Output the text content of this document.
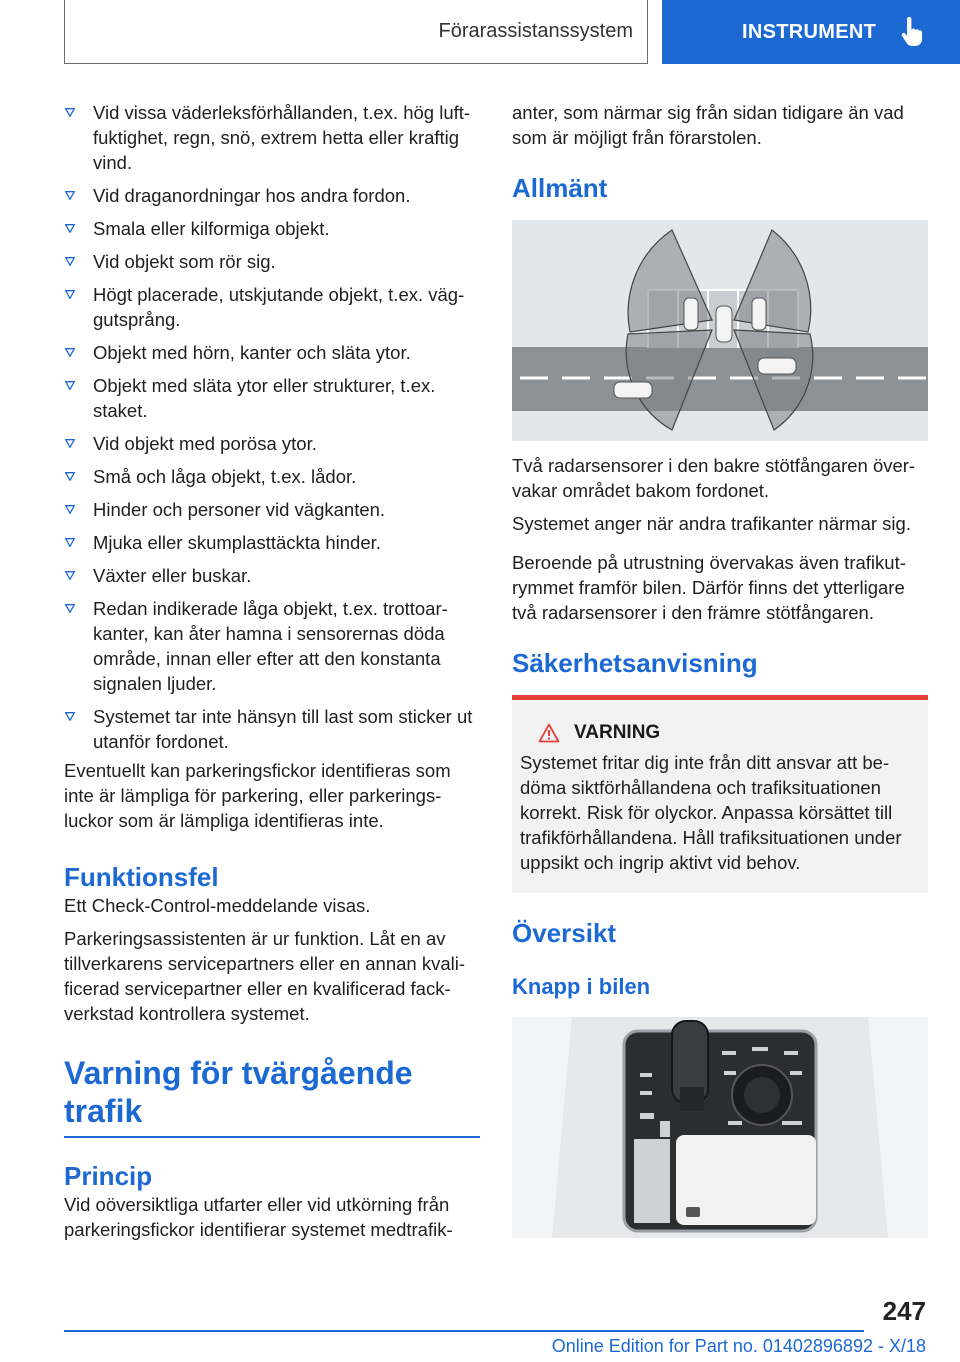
Förarassistanssystem	INSTRUMENT
Vid vissa väderleksförhållanden, t.ex. hög luft-fuktighet, regn, snö, extrem hetta eller kraftig vind.
Vid draganordningar hos andra fordon.
Smala eller kilformiga objekt.
Vid objekt som rör sig.
Högt placerade, utskjutande objekt, t.ex. väg-gutsprång.
Objekt med hörn, kanter och släta ytor.
Objekt med släta ytor eller strukturer, t.ex. staket.
Vid objekt med porösa ytor.
Små och låga objekt, t.ex. lådor.
Hinder och personer vid vägkanten.
Mjuka eller skumplasttäckta hinder.
Växter eller buskar.
Redan indikerade låga objekt, t.ex. trottoar-kanter, kan åter hamna i sensorernas döda område, innan eller efter att den konstanta signalen ljuder.
Systemet tar inte hänsyn till last som sticker ut utanför fordonet.

Eventuellt kan parkeringsfickor identifieras som inte är lämpliga för parkering, eller parkerings-luckor som är lämpliga identifieras inte.

Funktionsfel

Ett Check-Control-meddelande visas.

Parkeringsassistenten är ur funktion. Låt en av tillverkarens servicepartners eller en annan kvali-ficerad servicepartner eller en kvalificerad fack-verkstad kontrollera systemet.

Varning för tvärgående trafik
Princip

Vid oöversiktliga utfarter eller vid utkörning från parkeringsfickor identifierar systemet medtrafik-

anter, som närmar sig från sidan tidigare än vad som är möjligt från förarstolen.

Allmänt

Två radarsensorer i den bakre stötfångaren över-vakar området bakom fordonet.

Systemet anger när andra trafikanter närmar sig.

Beroende på utrustning övervakas även trafikut-rymmet framför bilen. Därför finns det ytterligare två radarsensorer i den främre stötfångaren.

Säkerhetsanvisning
VARNING
Systemet fritar dig inte från ditt ansvar att be-döma siktförhållandena och trafiksituationen korrekt. Risk för olyckor. Anpassa körsättet till trafikförhållandena. Håll trafiksituationen under uppsikt och ingrip aktivt vid behov.
Översikt
Knapp i bilen
247
Online Edition for Part no. 01402896892 - X/18
